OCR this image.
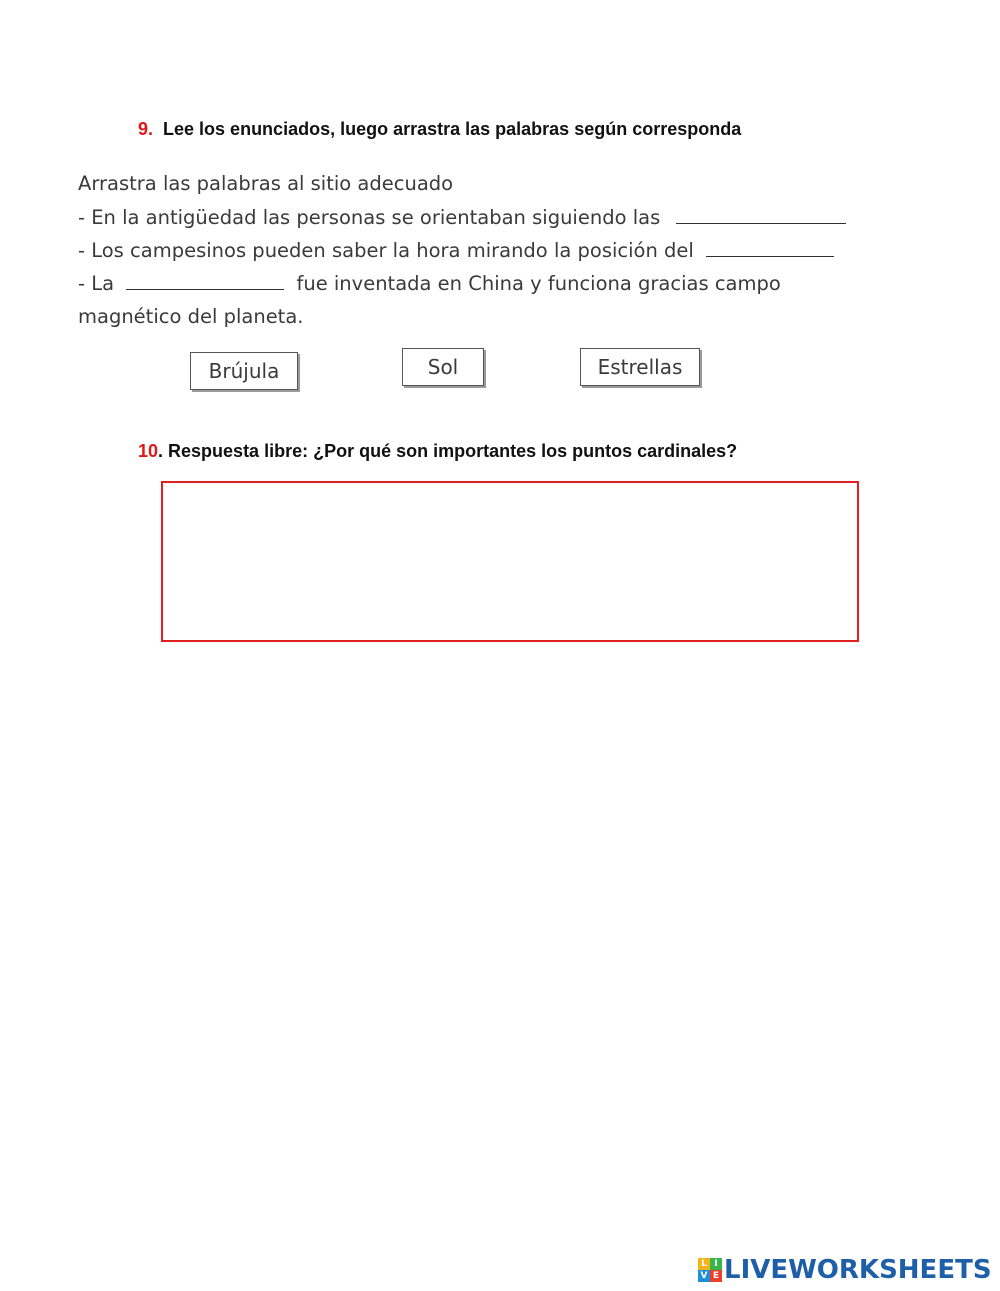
9. Lee los enunciados, luego arrastra las palabras según corresponda
Arrastra las palabras al sitio adecuado
- En la antigüedad las personas se orientaban siguiendo las
- Los campesinos pueden saber la hora mirando la posición del
- La	fue inventada en China y funciona gracias campo
magnético del planeta.
Brújula	Sol	Estrellas
10. Respuesta libre: ¿Por qué son importantes los puntos cardinales?
L I
V E LIVEWORKSHEETS
